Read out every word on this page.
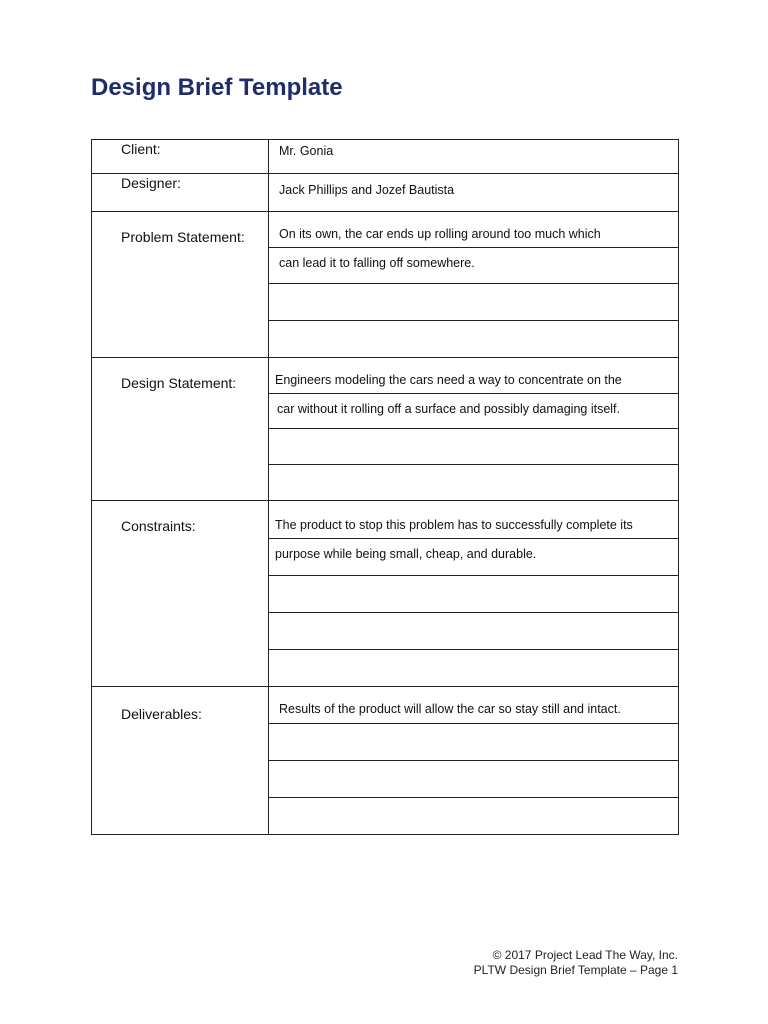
Design Brief Template
Client:	Mr. Gonia

Designer:	Jack Phillips and Jozef Bautista

Problem Statement:	On its own, the car ends up rolling around too much which
can lead it to falling off somewhere.

Design Statement:	Engineers modeling the cars need a way to concentrate on the
car without it rolling off a surface and possibly damaging itself.

Constraints:	The product to stop this problem has to successfully complete its
purpose while being small, cheap, and durable.

Deliverables:	Results of the product will allow the car so stay still and intact.
© 2017 Project Lead The Way, Inc.
PLTW Design Brief Template – Page 1
